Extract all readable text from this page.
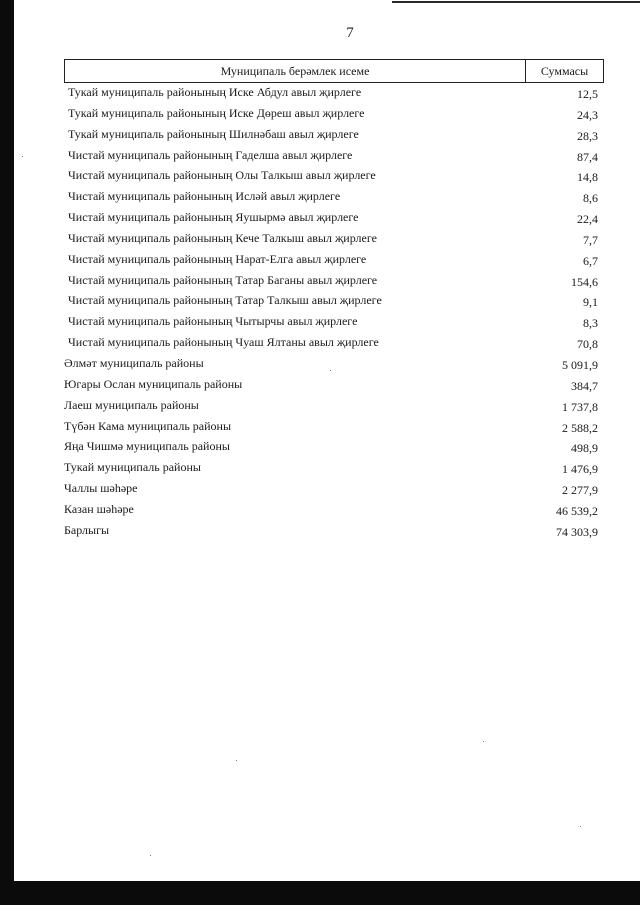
7
Муниципаль берәмлек исеме	Суммасы
Тукай муниципаль районының Иске Абдул авыл җирлеге	12,5
Тукай муниципаль районының Иске Дөреш авыл җирлеге	24,3
Тукай муниципаль районының Шилнәбаш авыл җирлеге	28,3
Чистай муниципаль районының Гаделша авыл җирлеге	87,4
Чистай муниципаль районының Олы Талкыш авыл җирлеге	14,8
Чистай муниципаль районының Исләй авыл җирлеге	8,6
Чистай муниципаль районының Яушырмә авыл җирлеге	22,4
Чистай муниципаль районының Кече Талкыш авыл җирлеге	7,7
Чистай муниципаль районының Нарат-Елга авыл җирлеге	6,7
Чистай муниципаль районының Татар Баганы авыл җирлеге	154,6
Чистай муниципаль районының Татар Талкыш авыл җирлеге	9,1
Чистай муниципаль районының Чытырчы авыл җирлеге	8,3
Чистай муниципаль районының Чуаш Ялтаны авыл җирлеге	70,8
Әлмәт муниципаль районы	5 091,9
Югары Ослан муниципаль районы	384,7
Лаеш муниципаль районы	1 737,8
Түбән Кама муниципаль районы	2 588,2
Яңа Чишмә муниципаль районы	498,9
Тукай муниципаль районы	1 476,9
Чаллы шәһәре	2 277,9
Казан шәһәре	46 539,2
Барлыгы	74 303,9
